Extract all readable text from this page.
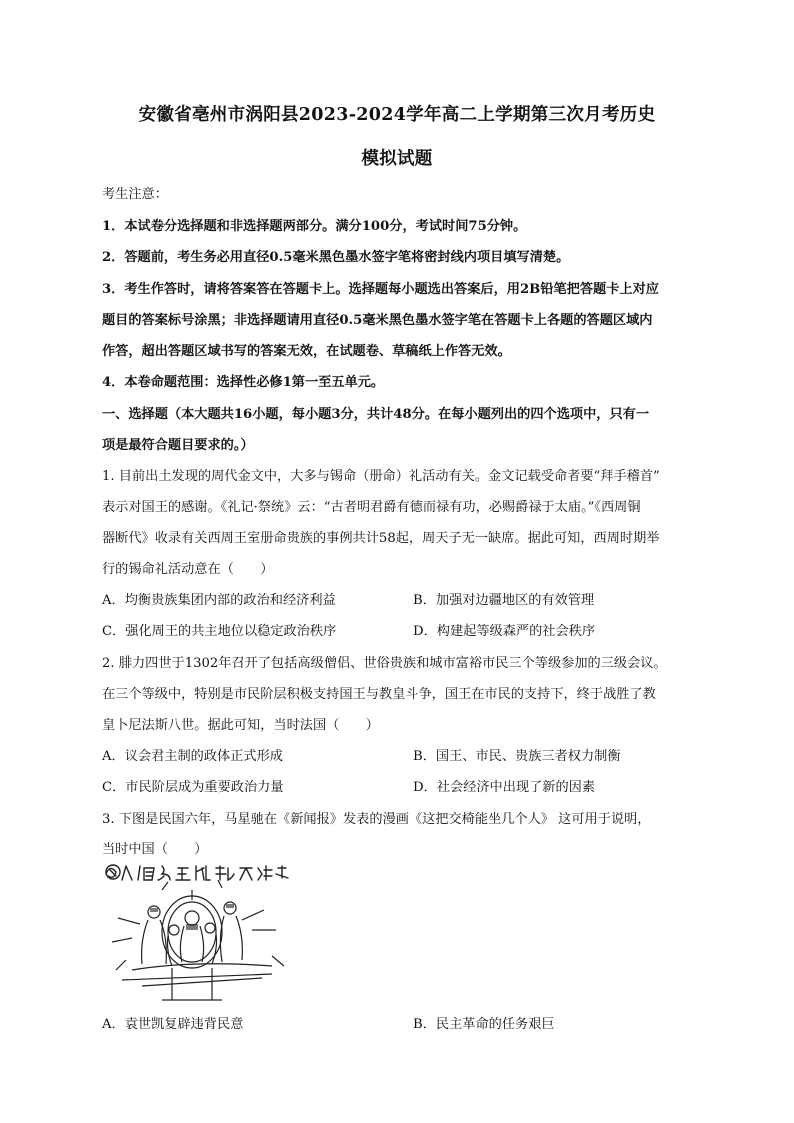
安徽省亳州市涡阳县2023-2024学年高二上学期第三次月考历史
模拟试题
考生注意：
1．本试卷分选择题和非选择题两部分。满分100分，考试时间75分钟。
2．答题前，考生务必用直径0.5毫米黑色墨水签字笔将密封线内项目填写清楚。
3．考生作答时，请将答案答在答题卡上。选择题每小题选出答案后，用2B铅笔把答题卡上对应
题目的答案标号涂黑；非选择题请用直径0.5毫米黑色墨水签字笔在答题卡上各题的答题区域内
作答，超出答题区域书写的答案无效，在试题卷、草稿纸上作答无效。
4．本卷命题范围：选择性必修1第一至五单元。
一、选择题（本大题共16小题，每小题3分，共计48分。在每小题列出的四个选项中，只有一
项是最符合题目要求的。）
1. 目前出土发现的周代金文中，大多与锡命（册命）礼活动有关。金文记载受命者要“拜手稽首”
表示对国王的感谢。《礼记·祭统》云：“古者明君爵有德而禄有功，必赐爵禄于太庙。”《西周铜
器断代》收录有关西周王室册命贵族的事例共计58起，周天子无一缺席。据此可知，西周时期举
行的锡命礼活动意在（　　）
A．均衡贵族集团内部的政治和经济利益	B．加强对边疆地区的有效管理
C．强化周王的共主地位以稳定政治秩序	D．构建起等级森严的社会秩序
2. 腓力四世于1302年召开了包括高级僧侣、世俗贵族和城市富裕市民三个等级参加的三级会议。
在三个等级中，特别是市民阶层积极支持国王与教皇斗争，国王在市民的支持下，终于战胜了教
皇卜尼法斯八世。据此可知，当时法国（　　）
A．议会君主制的政体正式形成	B．国王、市民、贵族三者权力制衡
C．市民阶层成为重要政治力量	D．社会经济中出现了新的因素
3. 下图是民国六年，马星驰在《新闻报》发表的漫画《这把交椅能坐几个人》 这可用于说明，
当时中国（　　）
A．袁世凯复辟违背民意	B．民主革命的任务艰巨
